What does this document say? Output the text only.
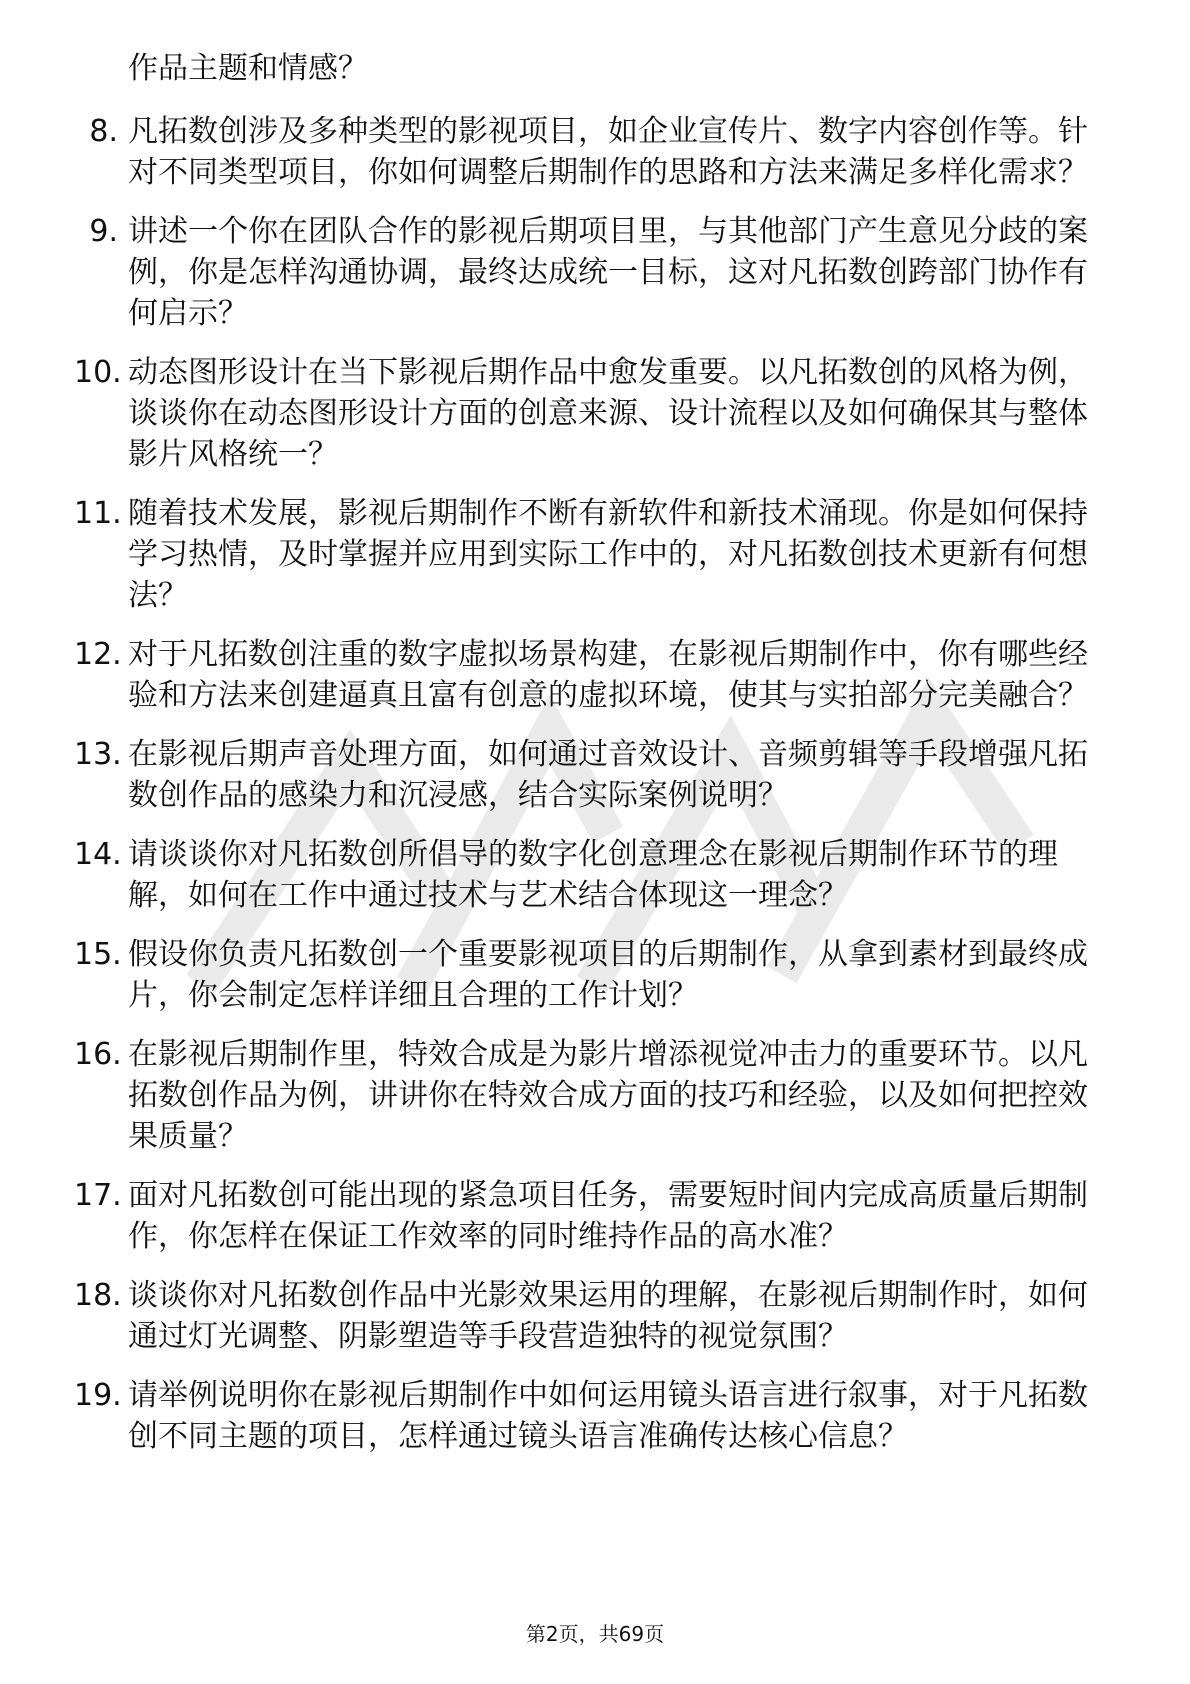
作品主题和情感？
8. 凡拓数创涉及多种类型的影视项目，如企业宣传片、数字内容创作等。针对不同类型项目，你如何调整后期制作的思路和方法来满足多样化需求？
9. 讲述一个你在团队合作的影视后期项目里，与其他部门产生意见分歧的案例，你是怎样沟通协调，最终达成统一目标，这对凡拓数创跨部门协作有何启示？
10. 动态图形设计在当下影视后期作品中愈发重要。以凡拓数创的风格为例，谈谈你在动态图形设计方面的创意来源、设计流程以及如何确保其与整体影片风格统一？
11. 随着技术发展，影视后期制作不断有新软件和新技术涌现。你是如何保持学习热情，及时掌握并应用到实际工作中的，对凡拓数创技术更新有何想法？
12. 对于凡拓数创注重的数字虚拟场景构建，在影视后期制作中，你有哪些经验和方法来创建逼真且富有创意的虚拟环境，使其与实拍部分完美融合？
13. 在影视后期声音处理方面，如何通过音效设计、音频剪辑等手段增强凡拓数创作品的感染力和沉浸感，结合实际案例说明？
14. 请谈谈你对凡拓数创所倡导的数字化创意理念在影视后期制作环节的理解，如何在工作中通过技术与艺术结合体现这一理念？
15. 假设你负责凡拓数创一个重要影视项目的后期制作，从拿到素材到最终成片，你会制定怎样详细且合理的工作计划？
16. 在影视后期制作里，特效合成是为影片增添视觉冲击力的重要环节。以凡拓数创作品为例，讲讲你在特效合成方面的技巧和经验，以及如何把控效果质量？
17. 面对凡拓数创可能出现的紧急项目任务，需要短时间内完成高质量后期制作，你怎样在保证工作效率的同时维持作品的高水准？
18. 谈谈你对凡拓数创作品中光影效果运用的理解，在影视后期制作时，如何通过灯光调整、阴影塑造等手段营造独特的视觉氛围？
19. 请举例说明你在影视后期制作中如何运用镜头语言进行叙事，对于凡拓数创不同主题的项目，怎样通过镜头语言准确传达核心信息？
第2页，共69页
